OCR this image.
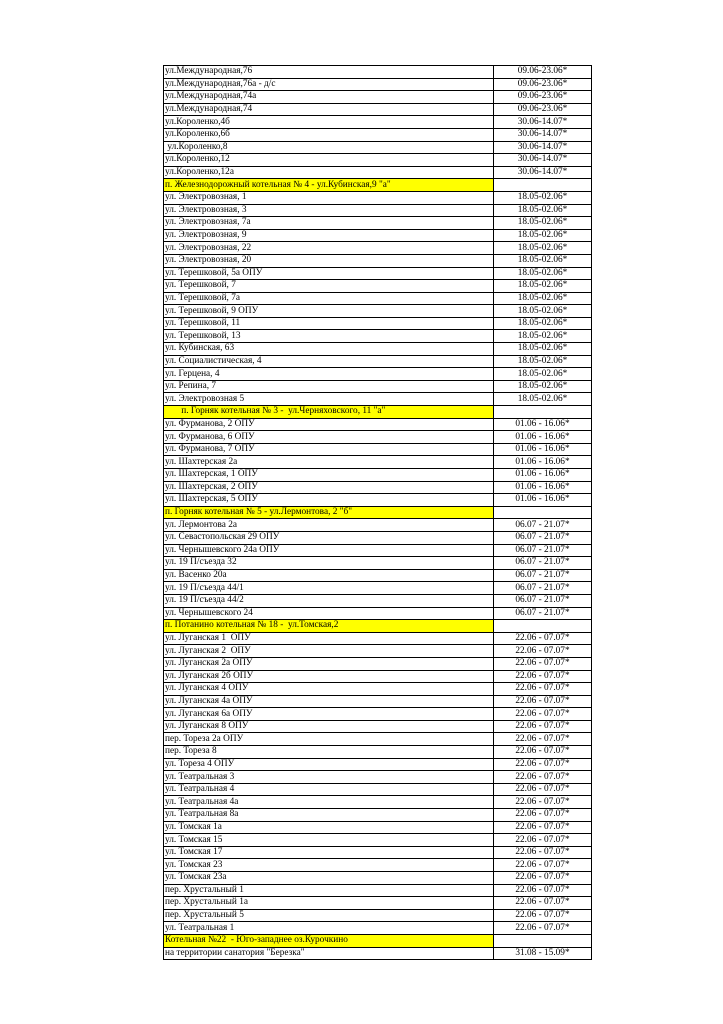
ул.Международная,76	09.06-23.06*
ул.Международная,76а - д/с	09.06-23.06*
ул.Международная,74а	09.06-23.06*
ул.Международная,74	09.06-23.06*
ул.Короленко,4б	30.06-14.07*
ул.Короленко,6б	30.06-14.07*
ул.Короленко,8	30.06-14.07*
ул.Короленко,12	30.06-14.07*
ул.Короленко,12а	30.06-14.07*
п. Железнодорожный котельная № 4 - ул.Кубинская,9 "а"	
ул. Электровозная, 1	18.05-02.06*
ул. Электровозная, 3	18.05-02.06*
ул. Электровозная, 7а	18.05-02.06*
ул. Электровозная, 9	18.05-02.06*
ул. Электровозная, 22	18.05-02.06*
ул. Электровозная, 20	18.05-02.06*
ул. Терешковой, 5а ОПУ	18.05-02.06*
ул. Терешковой, 7	18.05-02.06*
ул. Терешковой, 7а	18.05-02.06*
ул. Терешковой, 9 ОПУ	18.05-02.06*
ул. Терешковой, 11	18.05-02.06*
ул. Терешковой, 13	18.05-02.06*
ул. Кубинская, 63	18.05-02.06*
ул. Социалистическая, 4	18.05-02.06*
ул. Герцена, 4	18.05-02.06*
ул. Репина, 7	18.05-02.06*
ул. Электровозная 5	18.05-02.06*
п. Горняк котельная № 3 -  ул.Черняховского, 11 "а"	
ул. Фурманова, 2 ОПУ	01.06 - 16.06*
ул. Фурманова, 6 ОПУ	01.06 - 16.06*
ул. Фурманова, 7 ОПУ	01.06 - 16.06*
ул. Шахтерская 2а	01.06 - 16.06*
ул. Шахтерская, 1 ОПУ	01.06 - 16.06*
ул. Шахтерская, 2 ОПУ	01.06 - 16.06*
ул. Шахтерская, 5 ОПУ	01.06 - 16.06*
п. Горняк котельная № 5 - ул.Лермонтова, 2 "б"	
ул. Лермонтова 2а	06.07 - 21.07*
ул. Севастопольская 29 ОПУ	06.07 - 21.07*
ул. Чернышевского 24а ОПУ	06.07 - 21.07*
ул. 19 П/съезда 32	06.07 - 21.07*
ул. Васенко 20а	06.07 - 21.07*
ул. 19 П/съезда 44/1	06.07 - 21.07*
ул. 19 П/съезда 44/2	06.07 - 21.07*
ул. Чернышевского 24	06.07 - 21.07*
п. Потанино котельная № 18 -  ул.Томская,2	
ул. Луганская 1  ОПУ	22.06 - 07.07*
ул. Луганская 2  ОПУ	22.06 - 07.07*
ул. Луганская 2а ОПУ	22.06 - 07.07*
ул. Луганская 2б ОПУ	22.06 - 07.07*
ул. Луганская 4 ОПУ	22.06 - 07.07*
ул. Луганская 4а ОПУ	22.06 - 07.07*
ул. Луганская 6а ОПУ	22.06 - 07.07*
ул. Луганская 8 ОПУ	22.06 - 07.07*
пер. Тореза 2а ОПУ	22.06 - 07.07*
пер. Тореза 8	22.06 - 07.07*
ул. Тореза 4 ОПУ	22.06 - 07.07*
ул. Театральная 3	22.06 - 07.07*
ул. Театральная 4	22.06 - 07.07*
ул. Театральная 4а	22.06 - 07.07*
ул. Театральная 8а	22.06 - 07.07*
ул. Томская 1а	22.06 - 07.07*
ул. Томская 15	22.06 - 07.07*
ул. Томская 17	22.06 - 07.07*
ул. Томская 23	22.06 - 07.07*
ул. Томская 23а	22.06 - 07.07*
пер. Хрустальный 1	22.06 - 07.07*
пер. Хрустальный 1а	22.06 - 07.07*
пер. Хрустальный 5	22.06 - 07.07*
ул. Театральная 1	22.06 - 07.07*
Котельная №22  - Юго-западнее оз.Курочкино	
на территории санатория "Березка"	31.08 - 15.09*
